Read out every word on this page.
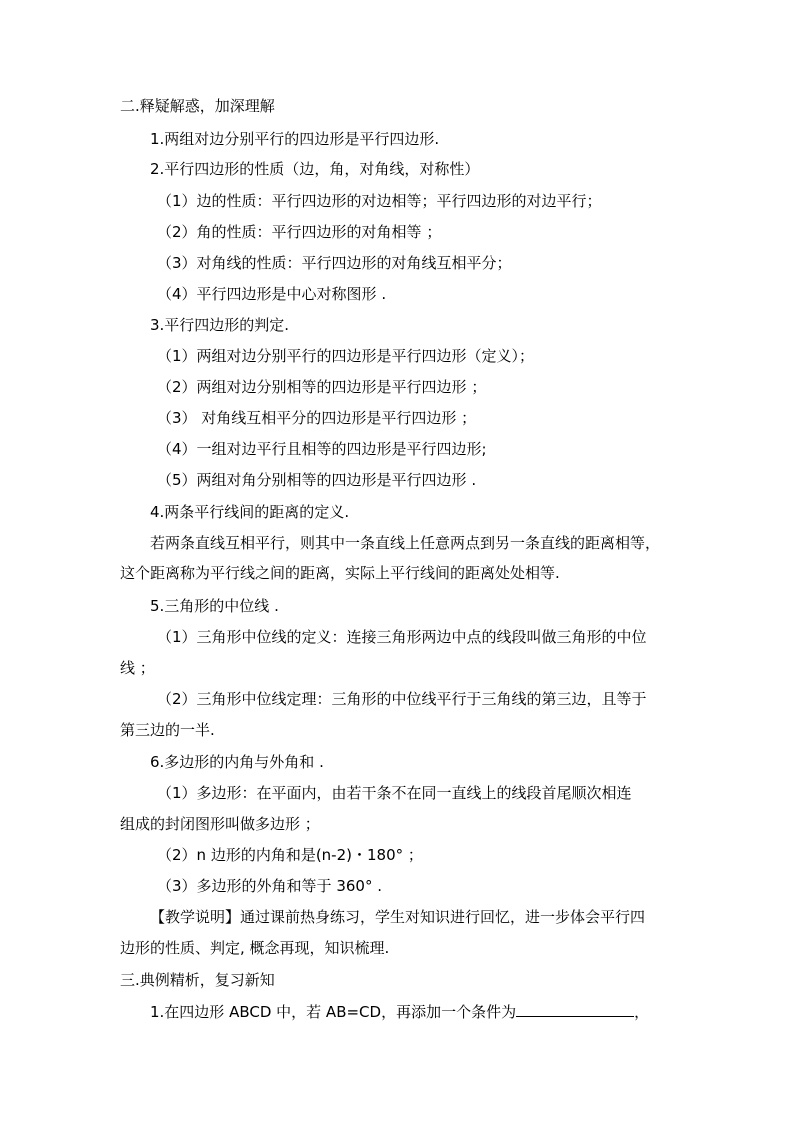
二.释疑解惑，加深理解
1.两组对边分别平行的四边形是平行四边形.
2.平行四边形的性质（边，角，对角线，对称性）
（1）边的性质：平行四边形的对边相等；平行四边形的对边平行；
（2）角的性质：平行四边形的对角相等 ；
（3）对角线的性质：平行四边形的对角线互相平分；
（4）平行四边形是中心对称图形 .
3.平行四边形的判定.
（1）两组对边分别平行的四边形是平行四边形（定义）；
（2）两组对边分别相等的四边形是平行四边形 ；
（3） 对角线互相平分的四边形是平行四边形 ；
（4）一组对边平行且相等的四边形是平行四边形;
（5）两组对角分别相等的四边形是平行四边形 .
4.两条平行线间的距离的定义.
若两条直线互相平行，则其中一条直线上任意两点到另一条直线的距离相等，
这个距离称为平行线之间的距离，实际上平行线间的距离处处相等.
5.三角形的中位线 .
（1）三角形中位线的定义：连接三角形两边中点的线段叫做三角形的中位
线 ；
（2）三角形中位线定理：三角形的中位线平行于三角线的第三边，且等于
第三边的一半.
6.多边形的内角与外角和 .
（1）多边形：在平面内，由若干条不在同一直线上的线段首尾顺次相连
组成的封闭图形叫做多边形 ；
（2）n 边形的内角和是(n-2)・180° ；
（3）多边形的外角和等于 360° .
【教学说明】通过课前热身练习，学生对知识进行回忆，进一步体会平行四
边形的性质、判定, 概念再现，知识梳理.
三.典例精析，复习新知
1.在四边形 ABCD 中，若 AB=CD，再添加一个条件为	，
